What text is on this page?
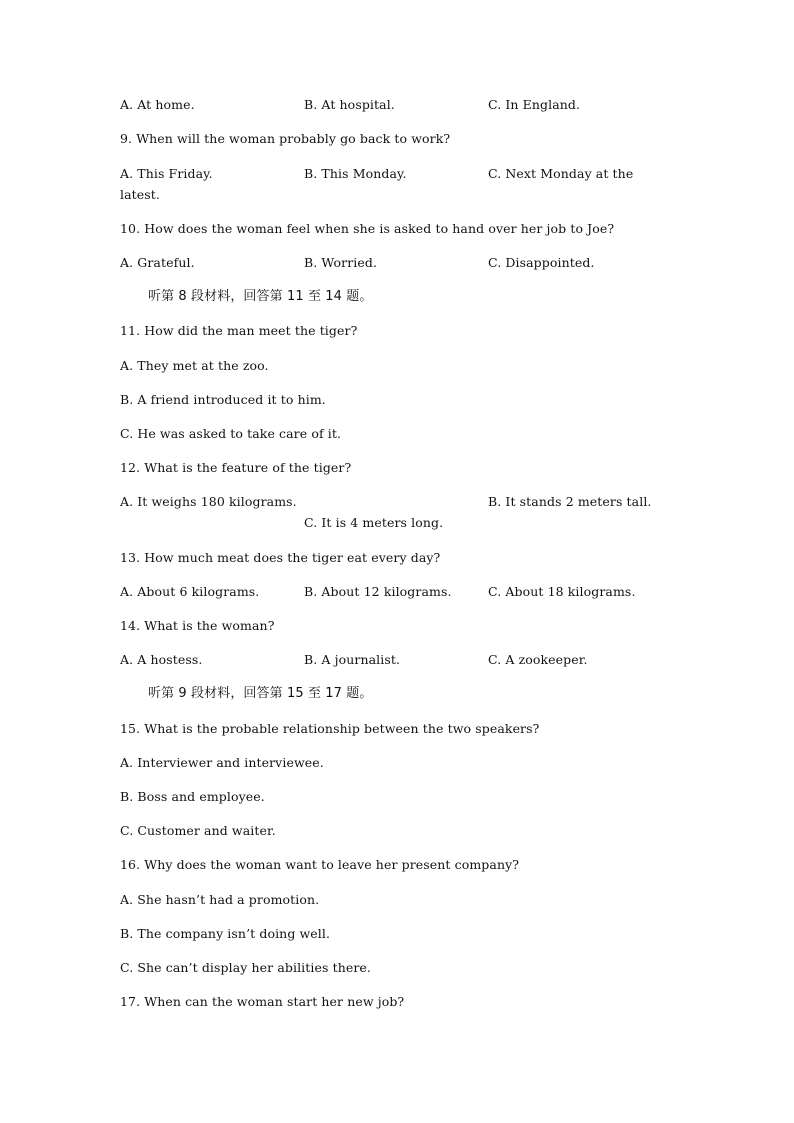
A. At home.	B. At hospital.	C. In England.
9. When will the woman probably go back to work?
A. This Friday.	B. This Monday.	C. Next Monday at the
latest.
10. How does the woman feel when she is asked to hand over her job to Joe?
A. Grateful.	B. Worried.	C. Disappointed.
听第 8 段材料，回答第 11 至 14 题。
11. How did the man meet the tiger?
A. They met at the zoo.
B. A friend introduced it to him.
C. He was asked to take care of it.
12. What is the feature of the tiger?
A. It weighs 180 kilograms.	B. It stands 2 meters tall.
C. It is 4 meters long.
13. How much meat does the tiger eat every day?
A. About 6 kilograms.	B. About 12 kilograms.	C. About 18 kilograms.
14. What is the woman?
A. A hostess.	B. A journalist.	C. A zookeeper.
听第 9 段材料，回答第 15 至 17 题。
15. What is the probable relationship between the two speakers?
A. Interviewer and interviewee.
B. Boss and employee.
C. Customer and waiter.
16. Why does the woman want to leave her present company?
A. She hasn’t had a promotion.
B. The company isn’t doing well.
C. She can’t display her abilities there.
17. When can the woman start her new job?
